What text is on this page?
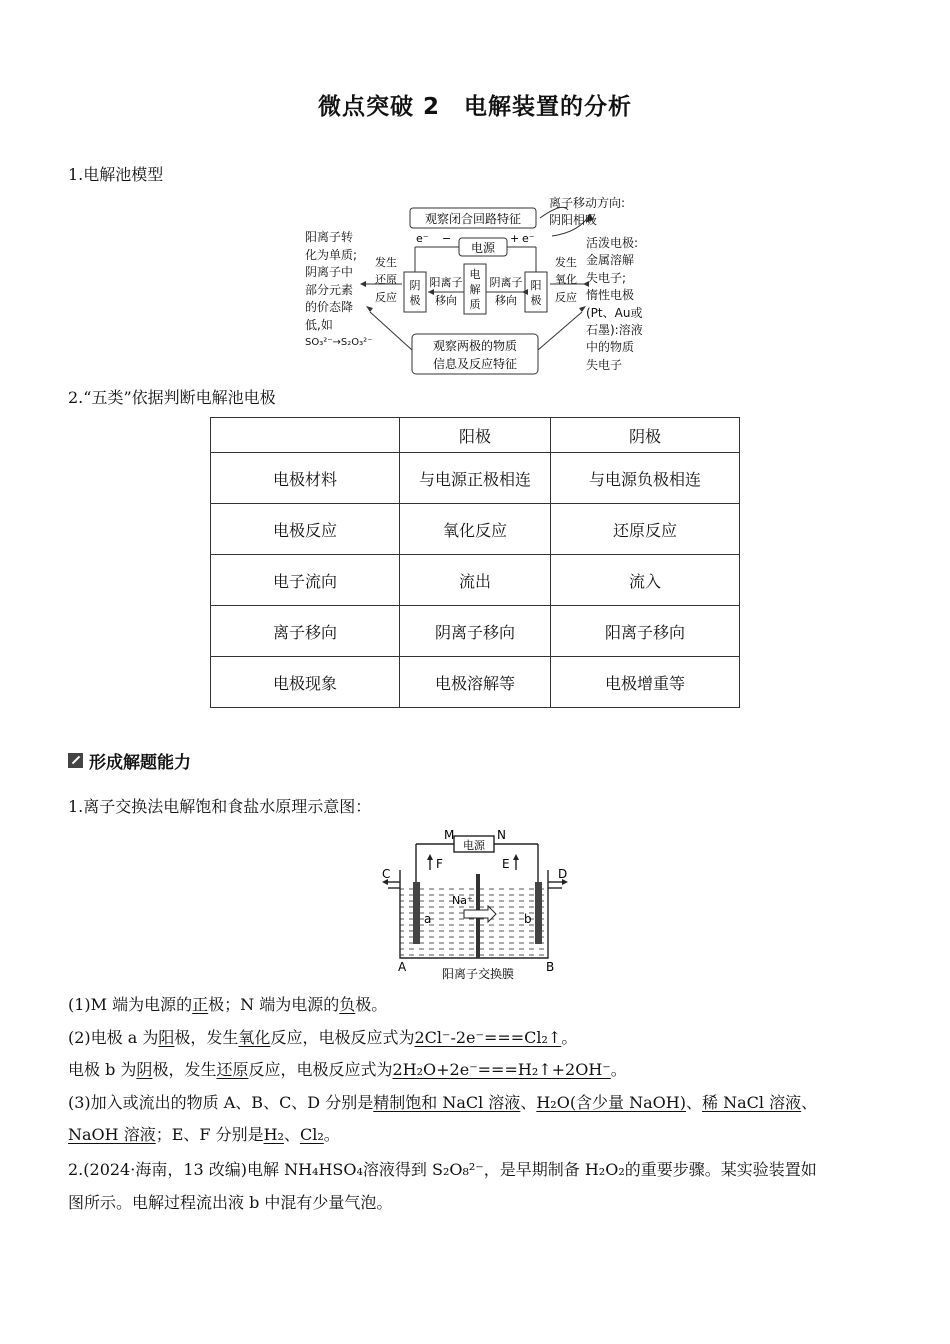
微点突破 2　电解装置的分析
1.电解池模型
观察闭合回路特征
电源
e⁻ −	+ e⁻
发生
还原
反应
阴
极
阳离子
移向
电
解
质
阴离子
移向
阳
极
发生
氧化
反应
观察两极的物质
信息及反应特征
阳离子转
化为单质;
阴离子中
部分元素
的价态降
低,如
SO₃²⁻→S₂O₃²⁻
离子移动方向:
阴阳相吸
活泼电极:
金属溶解
失电子;
惰性电极
(Pt、Au或
石墨):溶液
中的物质
失电子
2.“五类”依据判断电解池电极
	阳极	阴极
电极材料	与电源正极相连	与电源负极相连
电极反应	氧化反应	还原反应
电子流向	流出	流入
离子移向	阴离子移向	阳离子移向
电极现象	电极溶解等	电极增重等
形成解题能力
1.离子交换法电解饱和食盐水原理示意图：
M	N
电源
F	E
C	D
a	b
Na⁺
A	B
阳离子交换膜
(1)M 端为电源的正极；N 端为电源的负极。
(2)电极 a 为阳极，发生氧化反应，电极反应式为2Cl⁻-2e⁻===Cl₂↑。
电极 b 为阴极，发生还原反应，电极反应式为2H₂O+2e⁻===H₂↑+2OH⁻。
(3)加入或流出的物质 A、B、C、D 分别是精制饱和 NaCl 溶液、H₂O(含少量 NaOH)、稀 NaCl 溶液、
NaOH 溶液；E、F 分别是H₂、Cl₂。
2.(2024·海南，13 改编)电解 NH₄HSO₄溶液得到 S₂O₈²⁻，是早期制备 H₂O₂的重要步骤。某实验装置如
图所示。电解过程流出液 b 中混有少量气泡。
